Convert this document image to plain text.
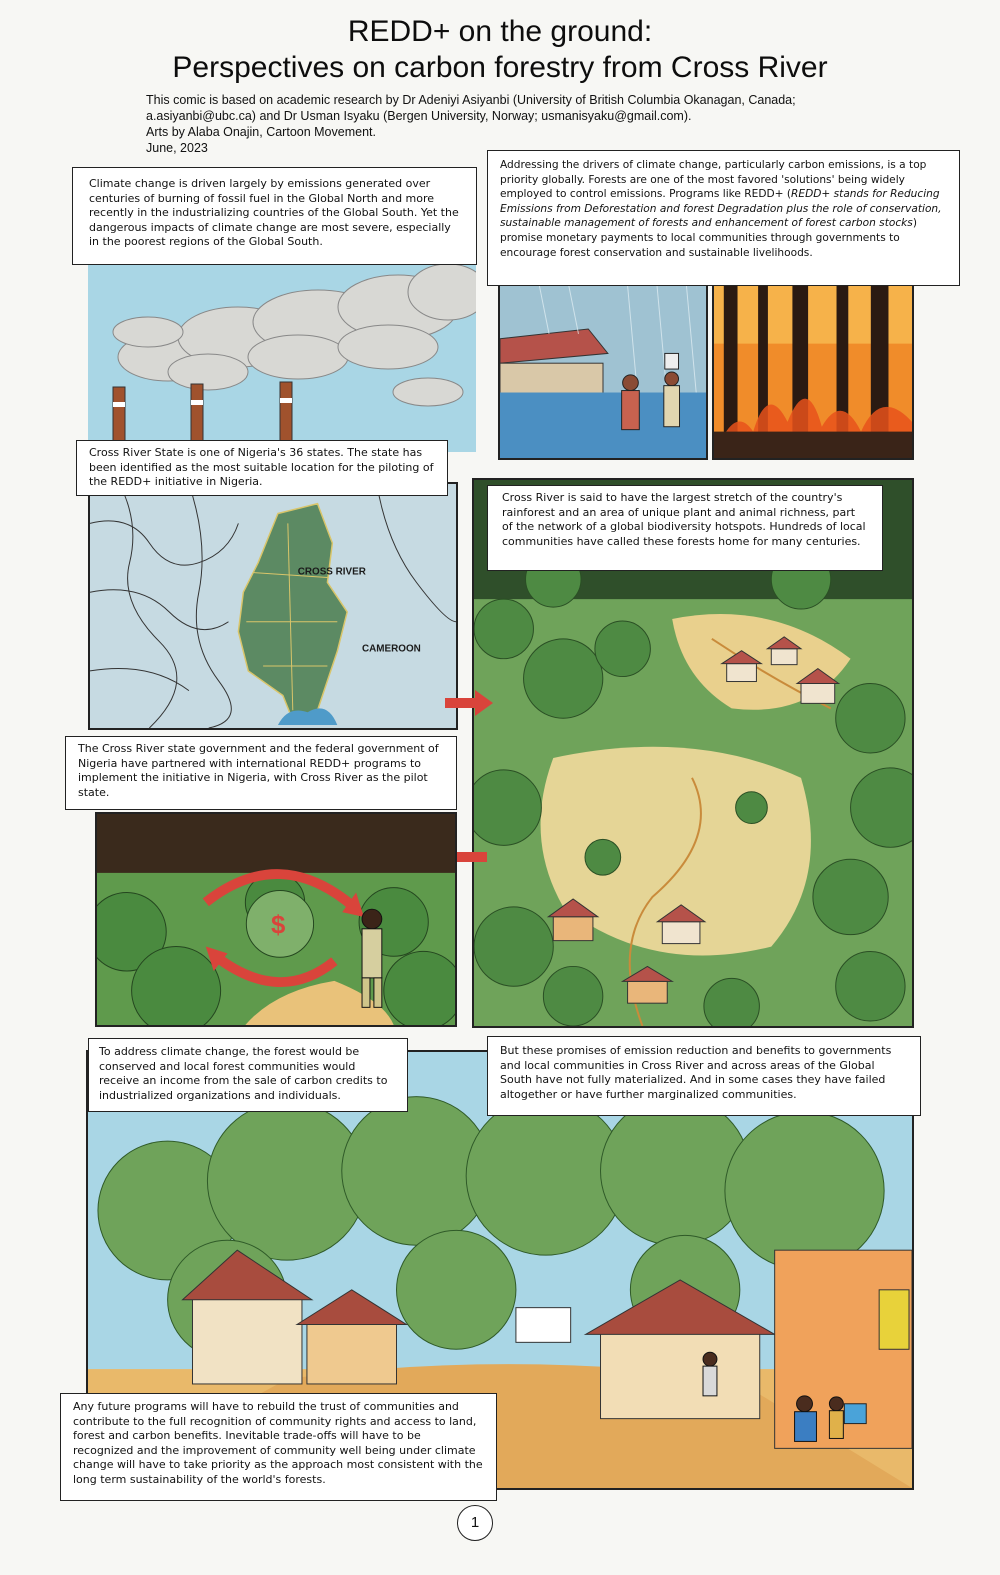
REDD+ on the ground:
Perspectives on carbon forestry from Cross River
This comic is based on academic research by Dr Adeniyi Asiyanbi (University of British Columbia Okanagan, Canada;
a.asiyanbi@ubc.ca) and Dr Usman Isyaku (Bergen University, Norway; usmanisyaku@gmail.com).
Arts by Alaba Onajin, Cartoon Movement.
June, 2023
CROSS RIVER
CAMEROON
$
Climate change is driven largely by emissions generated over centuries of burning of fossil fuel in the Global North and more recently in the industrializing countries of the Global South. Yet the dangerous impacts of climate change are most severe, especially in the poorest regions of the Global South.
Addressing the drivers of climate change, particularly carbon emissions, is a top priority globally. Forests are one of the most favored 'solutions' being widely employed to control emissions. Programs like REDD+ (REDD+ stands for Reducing Emissions from Deforestation and forest Degradation plus the role of conservation, sustainable management of forests and enhancement of forest carbon stocks) promise monetary payments to local communities through governments to encourage forest conservation and sustainable livelihoods.
Cross River State is one of Nigeria's 36 states. The state has been identified as the most suitable location for the piloting of the REDD+ initiative in Nigeria.
Cross River is said to have the largest stretch of the country's rainforest and an area of unique plant and animal richness, part of the network of a global biodiversity hotspots. Hundreds of local communities have called these forests home for many centuries.
The Cross River state government and the federal government of Nigeria have partnered with international REDD+ programs to implement the initiative in Nigeria, with Cross River as the pilot state.
To address climate change, the forest would be conserved and local forest communities would receive an income from the sale of carbon credits to industrialized organizations and individuals.
But these promises of emission reduction and benefits to governments and local communities in Cross River and across areas of the Global South have not fully materialized. And in some cases they have failed altogether or have further marginalized communities.
Any future programs will have to rebuild the trust of communities and contribute to the full recognition of community rights and access to land, forest and carbon benefits. Inevitable trade-offs will have to be recognized and the improvement of community well being under climate change will have to take priority as the approach most consistent with the long term sustainability of the world's forests.
1
